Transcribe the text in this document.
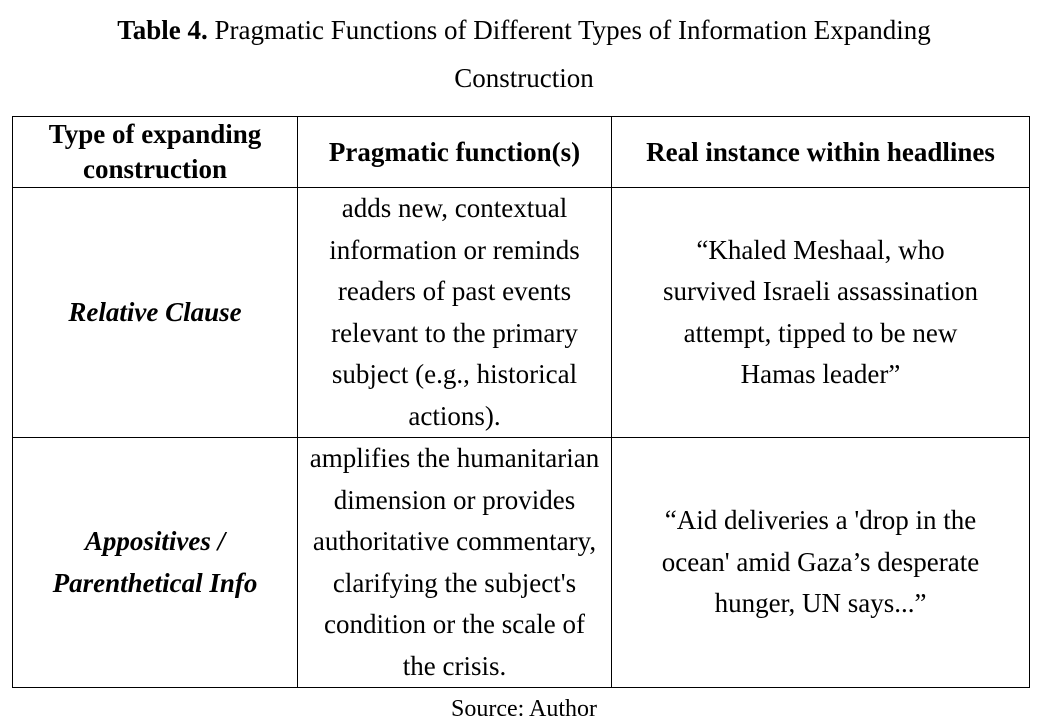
Table 4. Pragmatic Functions of Different Types of Information Expanding
Construction
Type of expanding construction	Pragmatic function(s)	Real instance within headlines
Relative Clause	adds new, contextual information or reminds readers of past events relevant to the primary subject (e.g., historical actions).	“Khaled Meshaal, who survived Israeli assassination attempt, tipped to be new Hamas leader”

Appositives / Parenthetical Info	amplifies the humanitarian dimension or provides authoritative commentary, clarifying the subject's condition or the scale of the crisis.	“Aid deliveries a 'drop in the ocean' amid Gaza’s desperate hunger, UN says...”
Source: Author
